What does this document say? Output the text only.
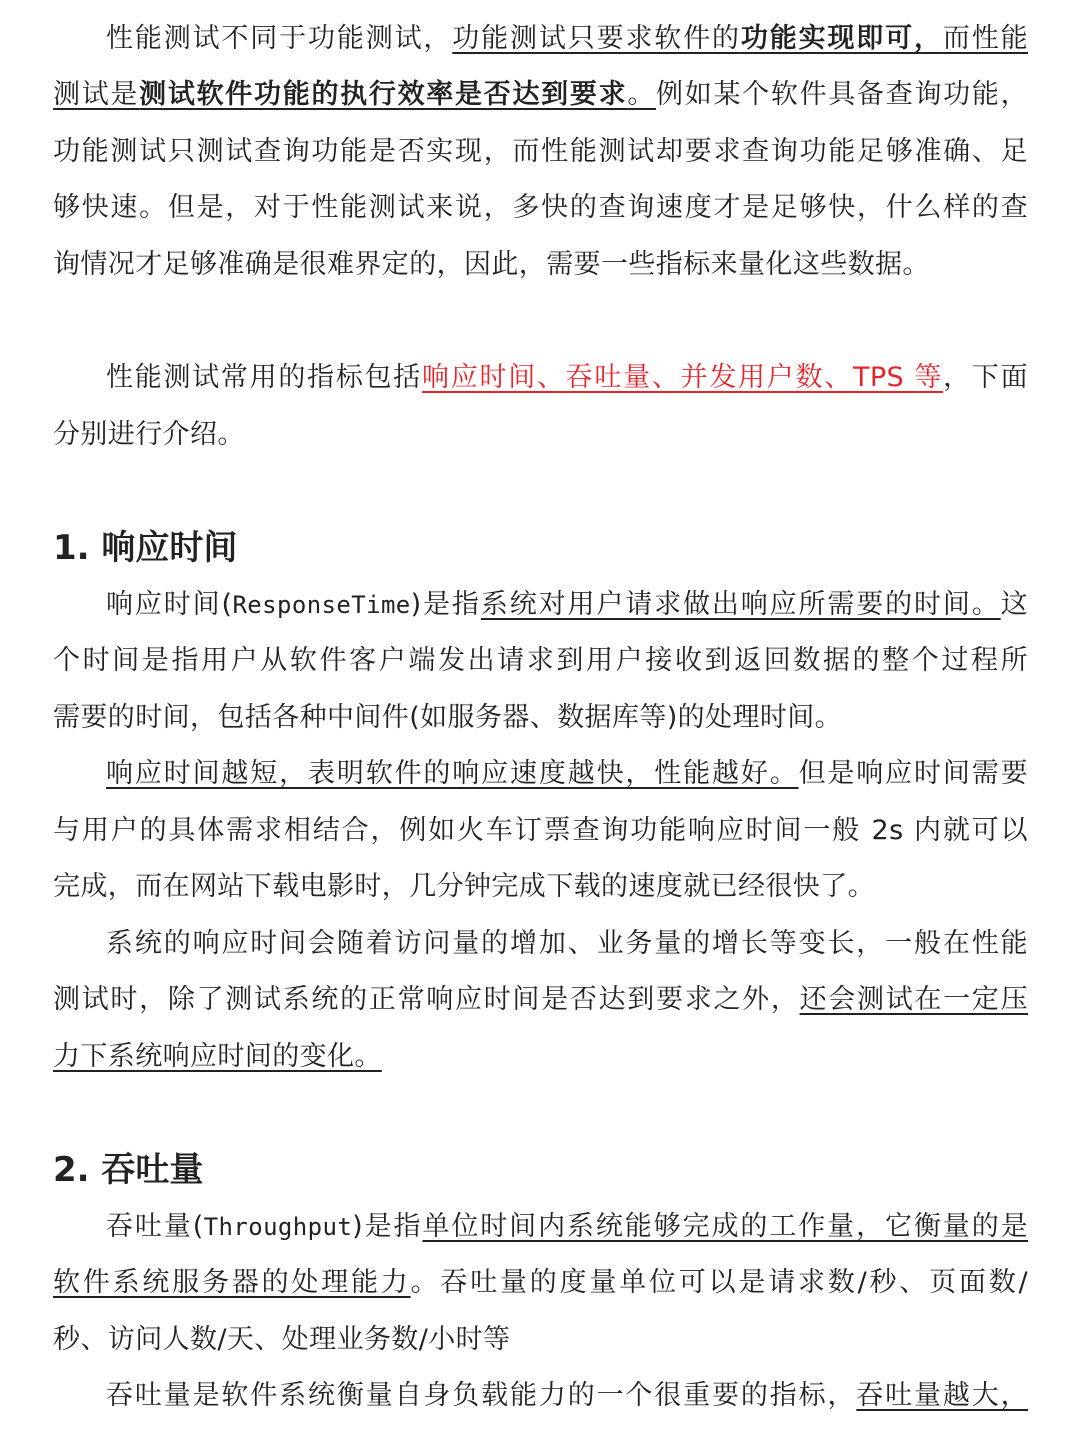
性能测试不同于功能测试，功能测试只要求软件的功能实现即可，而性能
测试是测试软件功能的执行效率是否达到要求。例如某个软件具备查询功能，
功能测试只测试查询功能是否实现，而性能测试却要求查询功能足够准确、足
够快速。但是，对于性能测试来说，多快的查询速度才是足够快，什么样的查
询情况才足够准确是很难界定的，因此，需要一些指标来量化这些数据。
性能测试常用的指标包括响应时间、吞吐量、并发用户数、TPS 等，下面
分别进行介绍。
1. 响应时间
响应时间(ResponseTime)是指系统对用户请求做出响应所需要的时间。这
个时间是指用户从软件客户端发出请求到用户接收到返回数据的整个过程所
需要的时间，包括各种中间件(如服务器、数据库等)的处理时间。
响应时间越短，表明软件的响应速度越快，性能越好。但是响应时间需要
与用户的具体需求相结合，例如火车订票查询功能响应时间一般 2s 内就可以
完成，而在网站下载电影时，几分钟完成下载的速度就已经很快了。
系统的响应时间会随着访问量的增加、业务量的增长等变长，一般在性能
测试时，除了测试系统的正常响应时间是否达到要求之外，还会测试在一定压
力下系统响应时间的变化。
2. 吞吐量
吞吐量(Throughput)是指单位时间内系统能够完成的工作量，它衡量的是
软件系统服务器的处理能力。吞吐量的度量单位可以是请求数/秒、页面数/
秒、访问人数/天、处理业务数/小时等
吞吐量是软件系统衡量自身负载能力的一个很重要的指标，吞吐量越大，
